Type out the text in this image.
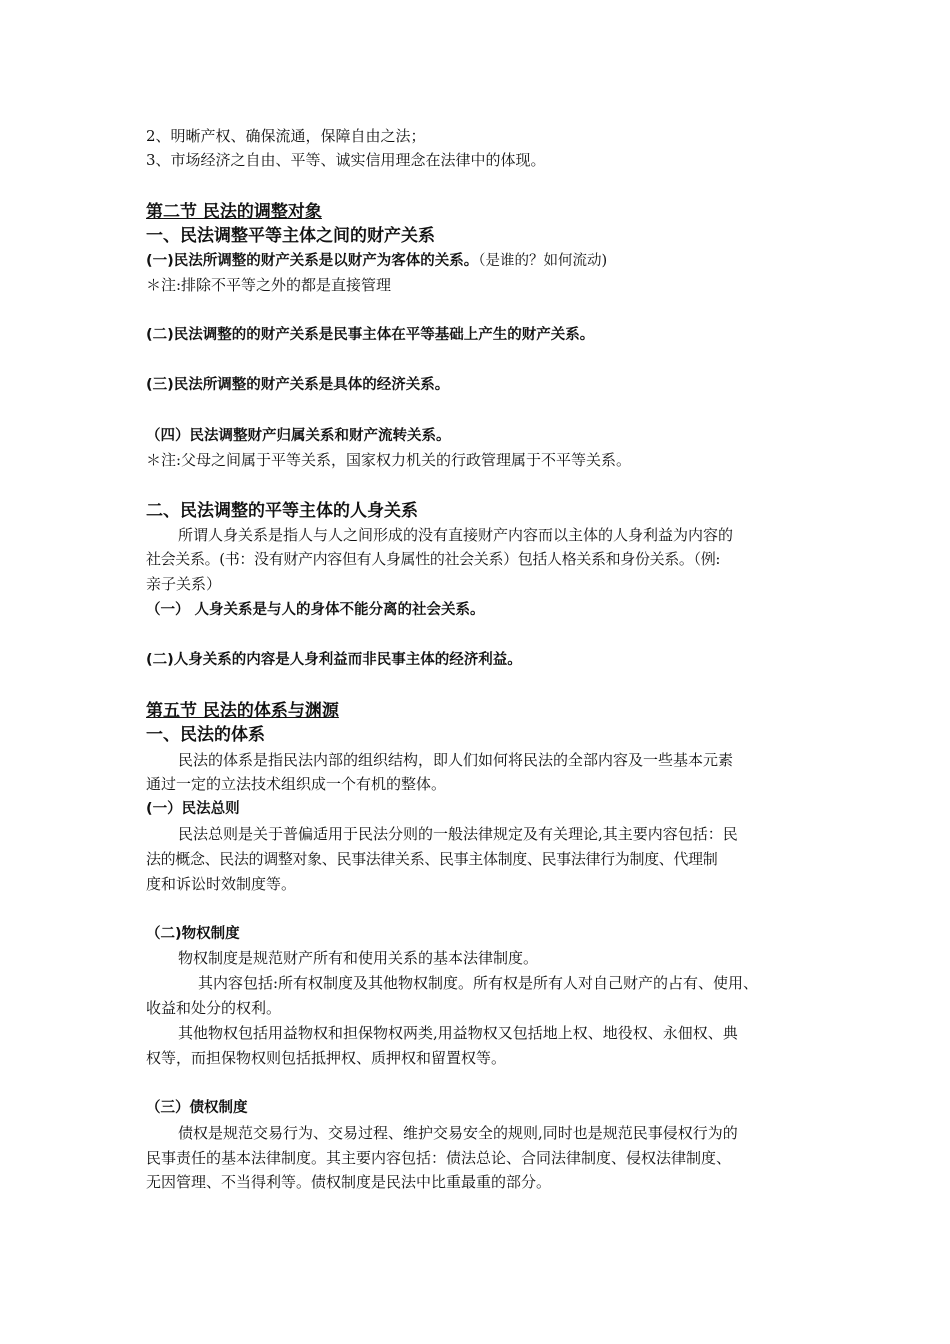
2、明晰产权、确保流通，保障自由之法；
3、市场经济之自由、平等、诚实信用理念在法律中的体现。
第二节 民法的调整对象
一、民法调整平等主体之间的财产关系
(一)民法所调整的财产关系是以财产为客体的关系。（是谁的？如何流动)
＊注:排除不平等之外的都是直接管理
(二)民法调整的的财产关系是民事主体在平等基础上产生的财产关系。
(三)民法所调整的财产关系是具体的经济关系。
（四）民法调整财产归属关系和财产流转关系。
＊注:父母之间属于平等关系，国家权力机关的行政管理属于不平等关系。
二、民法调整的平等主体的人身关系
所谓人身关系是指人与人之间形成的没有直接财产内容而以主体的人身利益为内容的
社会关系。(书：没有财产内容但有人身属性的社会关系）包括人格关系和身份关系。（例:
亲子关系）
（一） 人身关系是与人的身体不能分离的社会关系。
(二)人身关系的内容是人身利益而非民事主体的经济利益。
第五节 民法的体系与渊源
一、民法的体系
民法的体系是指民法内部的组织结构，即人们如何将民法的全部内容及一些基本元素
通过一定的立法技术组织成一个有机的整体。
(一）民法总则
民法总则是关于普偏适用于民法分则的一般法律规定及有关理论,其主要内容包括：民
法的概念、民法的调整对象、民事法律关系、民事主体制度、民事法律行为制度、代理制
度和诉讼时效制度等。
（二)物权制度
物权制度是规范财产所有和使用关系的基本法律制度。
其内容包括:所有权制度及其他物权制度。所有权是所有人对自己财产的占有、使用、
收益和处分的权利。
其他物权包括用益物权和担保物权两类,用益物权又包括地上权、地役权、永佃权、典
权等，而担保物权则包括抵押权、质押权和留置权等。
（三）债权制度
债权是规范交易行为、交易过程、维护交易安全的规则,同时也是规范民事侵权行为的
民事责任的基本法律制度。其主要内容包括：债法总论、合同法律制度、侵权法律制度、
无因管理、不当得利等。债权制度是民法中比重最重的部分。
